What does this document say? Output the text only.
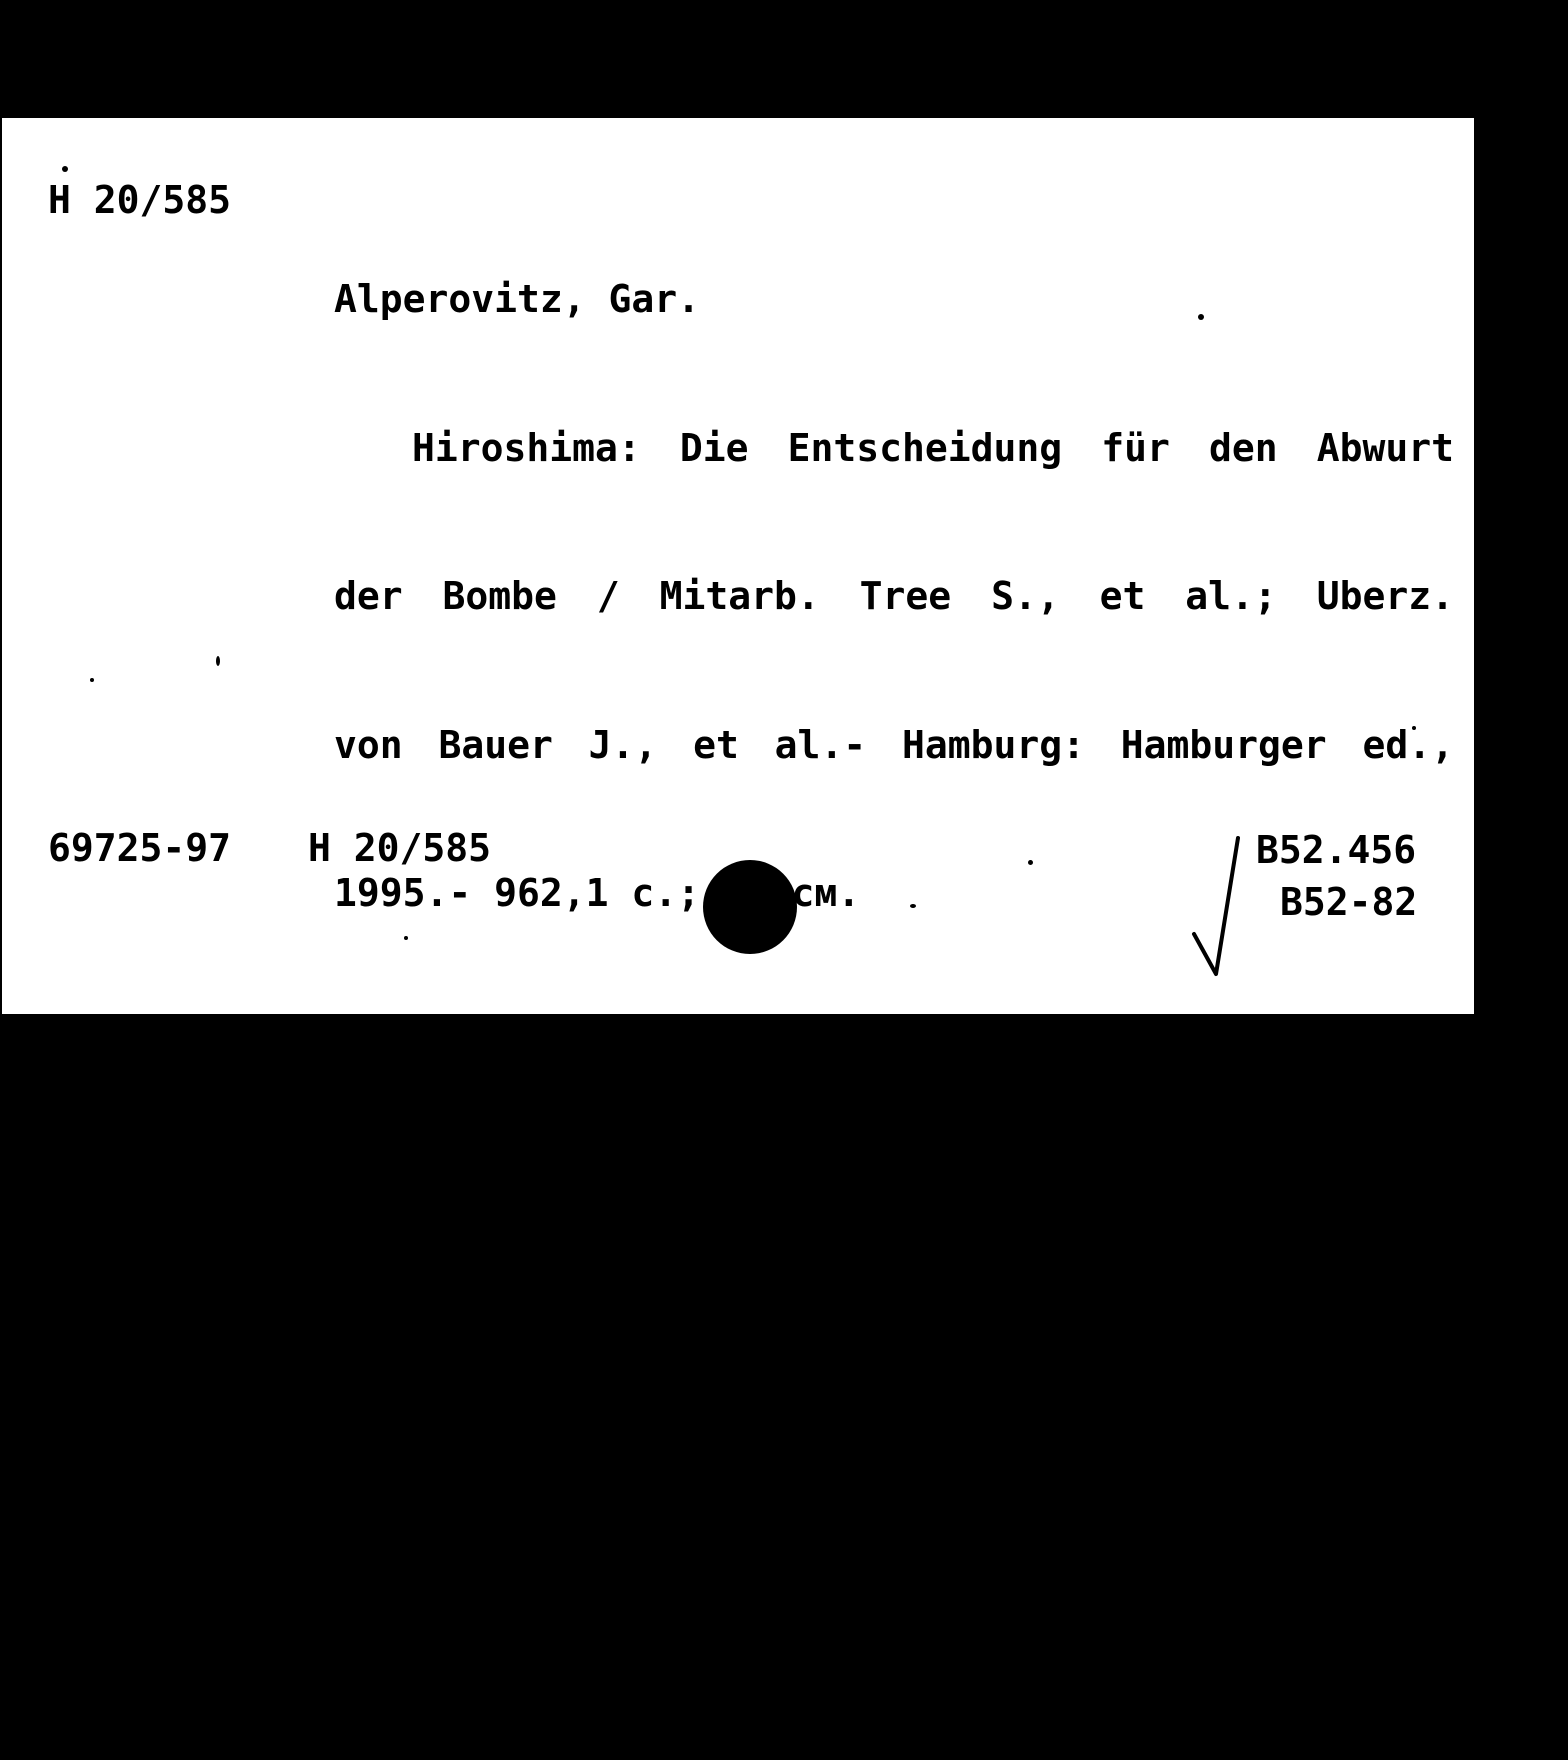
H 20/585

Alperovitz, Gar.

Hiroshima: Die Entscheidung für den Abwurt

der Bombe / Mitarb. Tree S., et al.; Uberz.

von Bauer J., et al.- Hamburg: Hamburger ed.,

1995.- 962,1 c.; 24 см.

Bibliogr.: c.882- 914.- Ind.: c.927- 959.-

Titel der Originalausg.: The decision to use

the atomic bomb and the architecture of an

American myth.

ISBN 3-930908-21-2 : 265000 p.

69725-97 H 20/585	B52.456
B52-82
